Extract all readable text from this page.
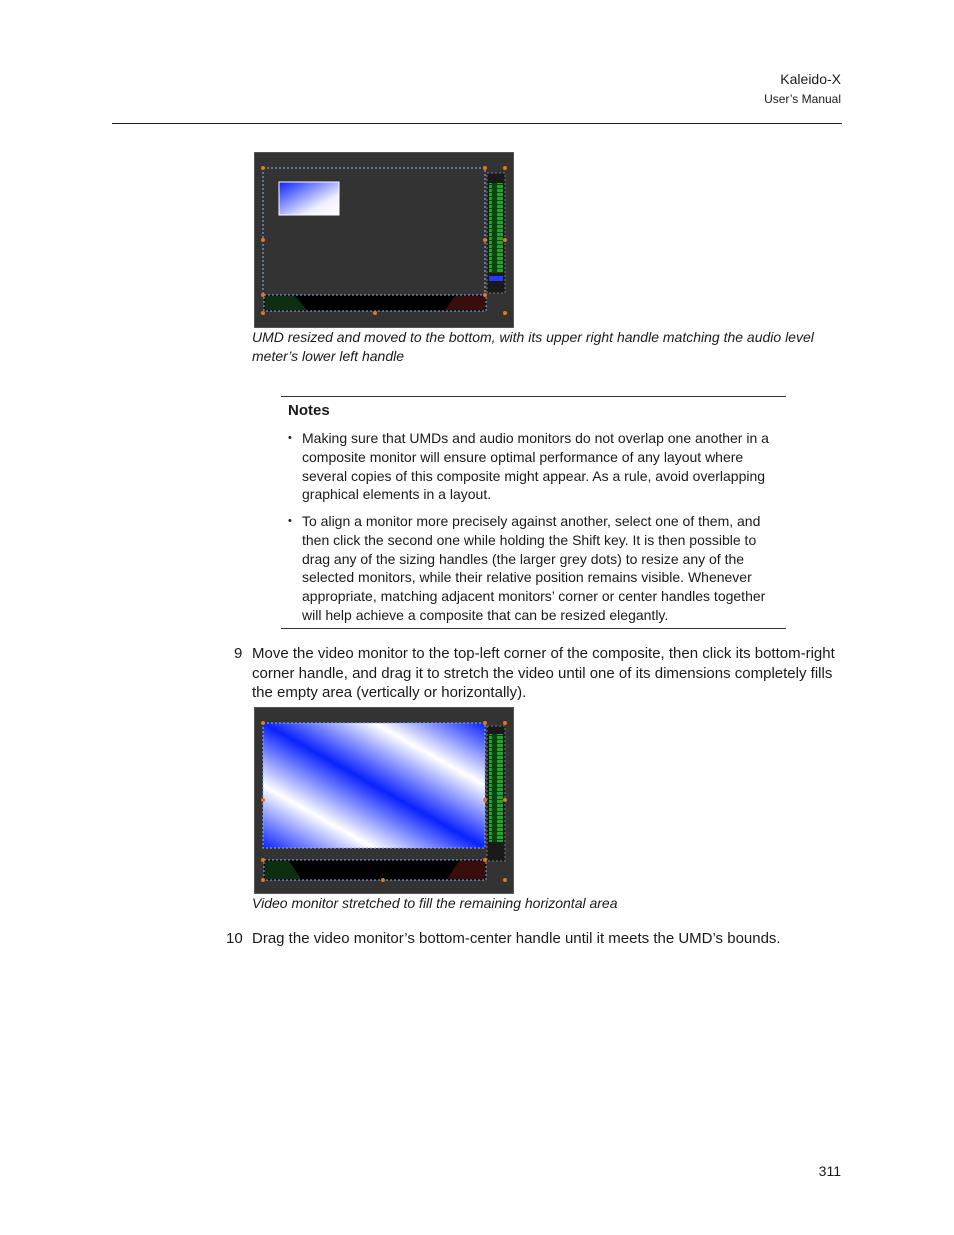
Kaleido-X
User’s Manual
UMD resized and moved to the bottom, with its upper right handle matching the audio level meter’s lower left handle
Notes
• Making sure that UMDs and audio monitors do not overlap one another in a composite monitor will ensure optimal performance of any layout where several copies of this composite might appear. As a rule, avoid overlapping graphical elements in a layout.
• To align a monitor more precisely against another, select one of them, and then click the second one while holding the Shift key. It is then possible to drag any of the sizing handles (the larger grey dots) to resize any of the selected monitors, while their relative position remains visible. Whenever appropriate, matching adjacent monitors’ corner or center handles together will help achieve a composite that can be resized elegantly.
9 Move the video monitor to the top-left corner of the composite, then click its bottom-right corner handle, and drag it to stretch the video until one of its dimensions completely fills the empty area (vertically or horizontally).
Video monitor stretched to fill the remaining horizontal area
10 Drag the video monitor’s bottom-center handle until it meets the UMD’s bounds.
311
